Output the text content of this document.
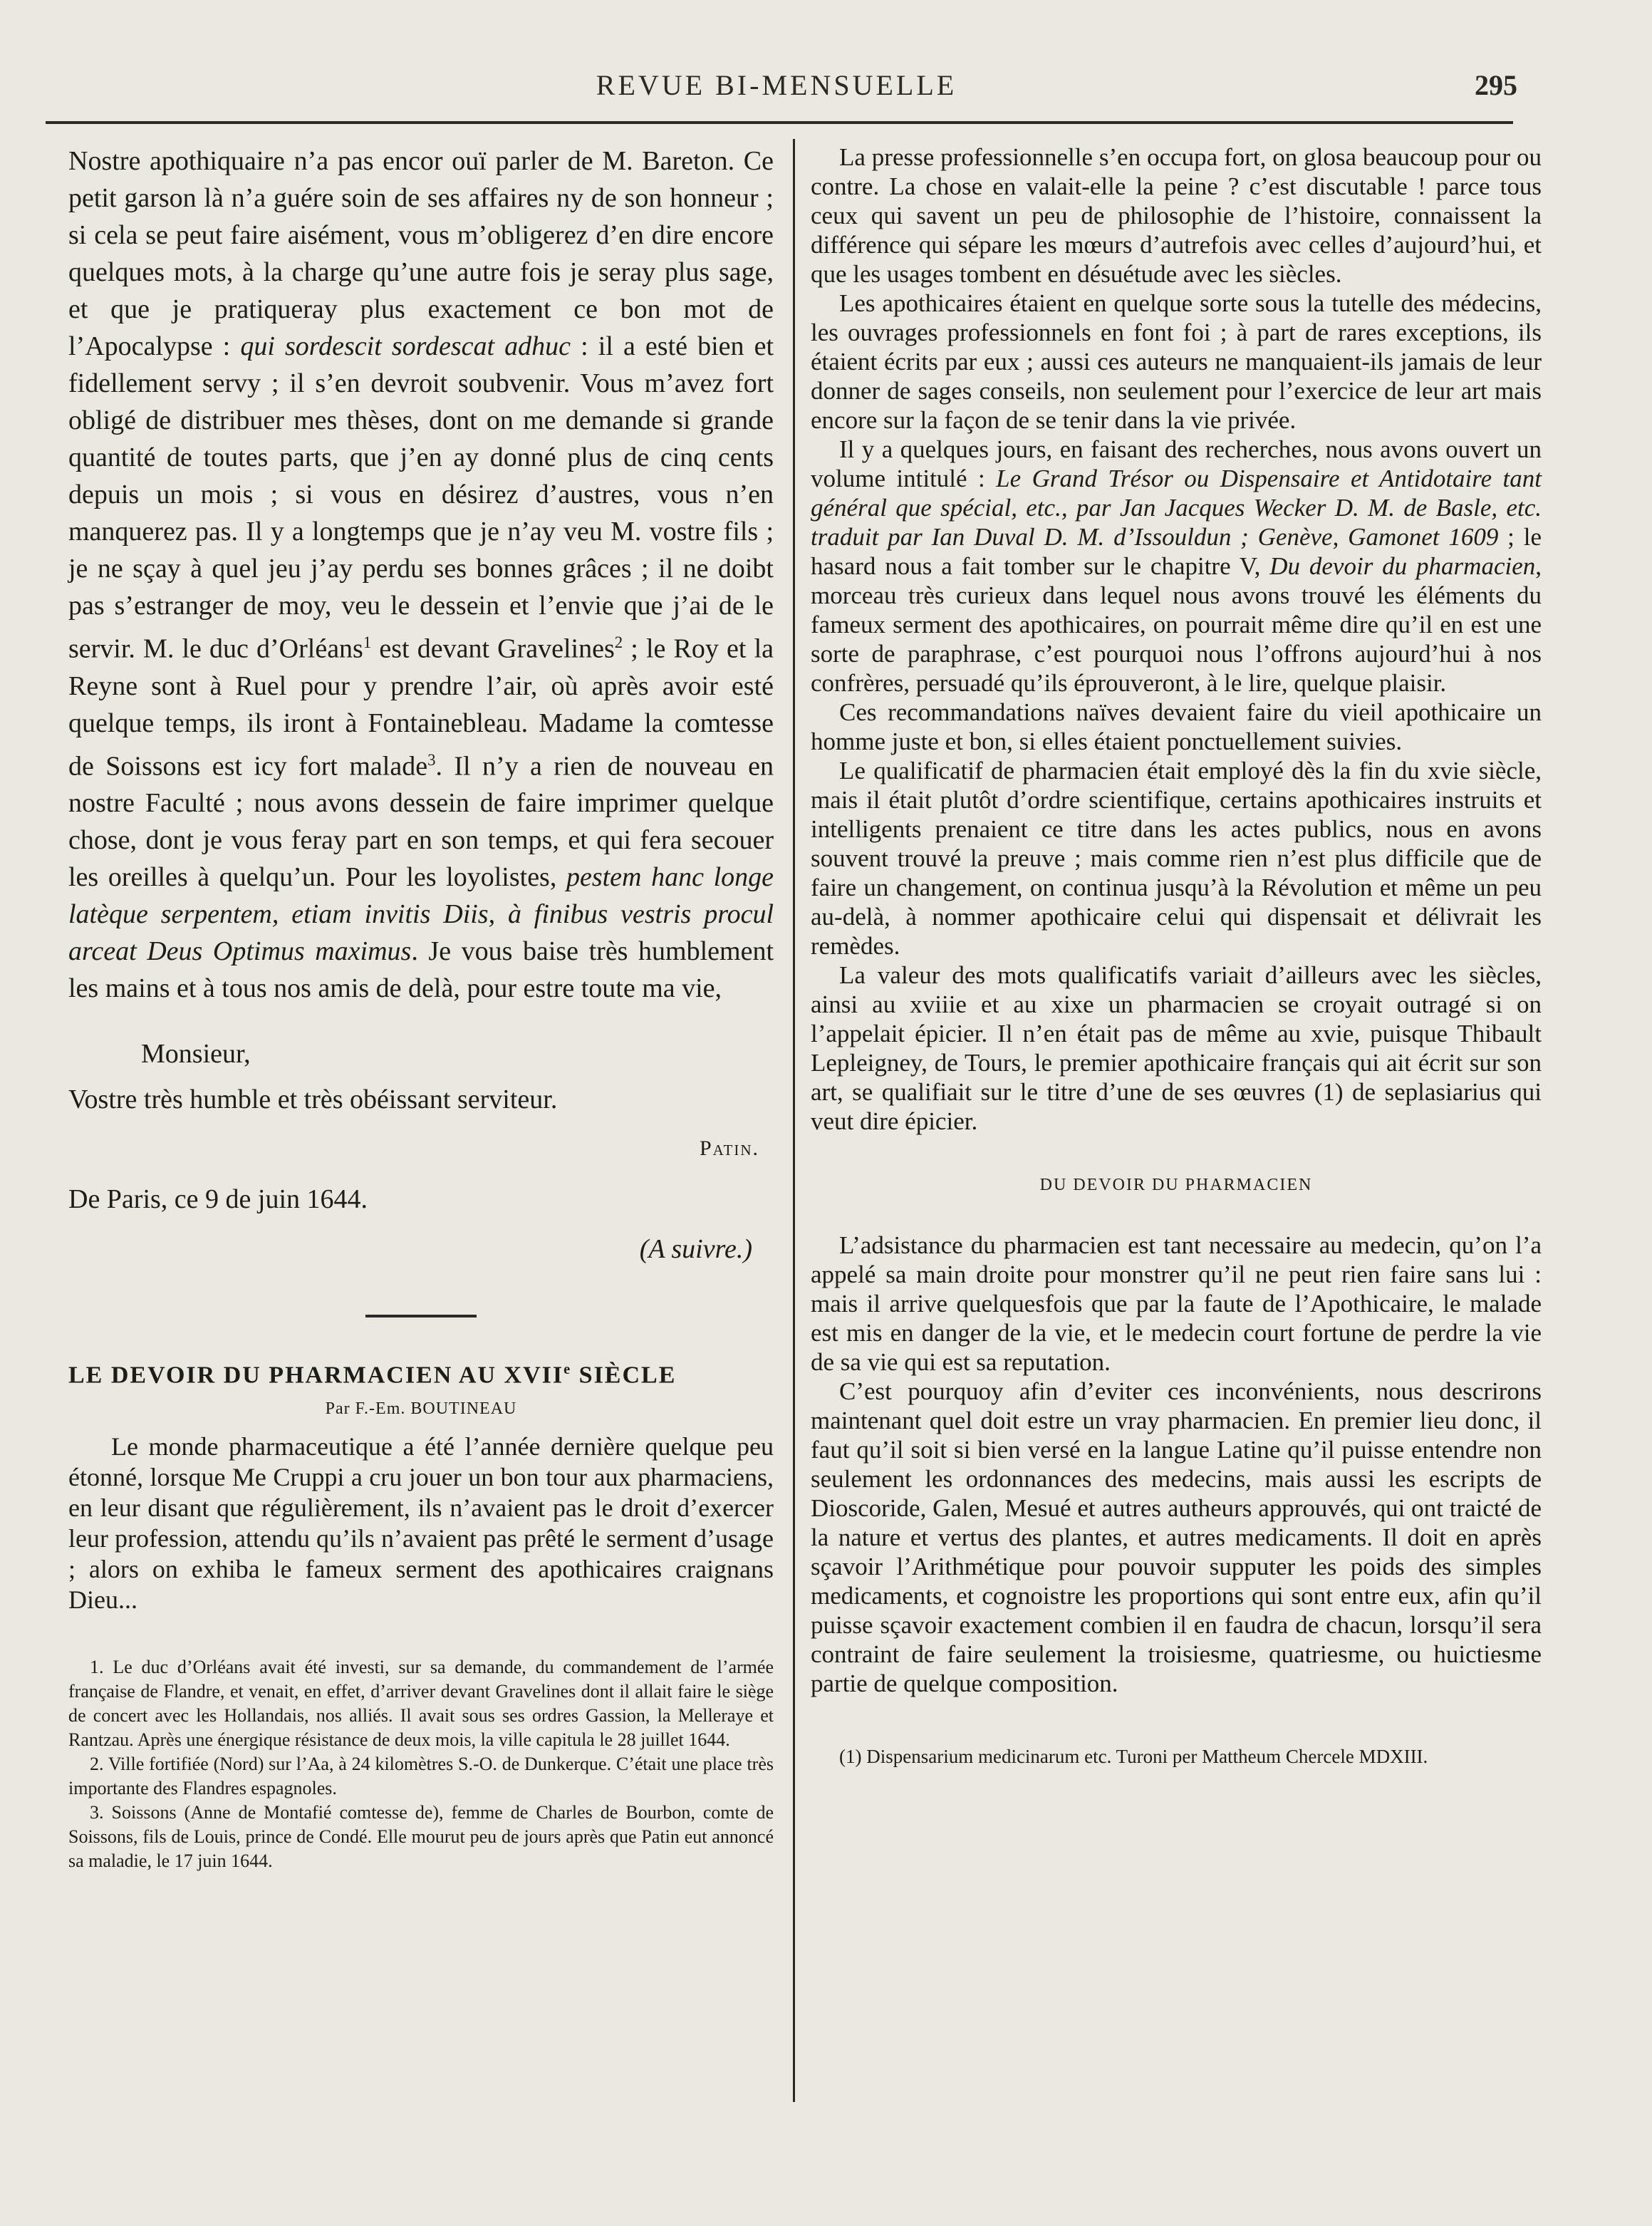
REVUE BI-MENSUELLE	295

Nostre apothiquaire n’a pas encor ouï parler de M. Bareton. Ce petit garson là n’a guére soin de ses affaires ny de son honneur ; si cela se peut faire aisément, vous m’obligerez d’en dire encore quelques mots, à la charge qu’une autre fois je seray plus sage, et que je pratiqueray plus exactement ce bon mot de l’Apocalypse : qui sordescit sordescat adhuc : il a esté bien et fidellement servy ; il s’en devroit soubvenir. Vous m’avez fort obligé de distribuer mes thèses, dont on me demande si grande quantité de toutes parts, que j’en ay donné plus de cinq cents depuis un mois ; si vous en désirez d’austres, vous n’en manquerez pas. Il y a longtemps que je n’ay veu M. vostre fils ; je ne sçay à quel jeu j’ay perdu ses bonnes grâces ; il ne doibt pas s’estranger de moy, veu le dessein et l’envie que j’ai de le servir. M. le duc d’Orléans$^1$ est devant Gravelines$^2$ ; le Roy et la Reyne sont à Ruel pour y prendre l’air, où après avoir esté quelque temps, ils iront à Fontainebleau. Madame la comtesse de Soissons est icy fort malade$^3$. Il n’y a rien de nouveau en nostre Faculté ; nous avons dessein de faire imprimer quelque chose, dont je vous feray part en son temps, et qui fera secouer les oreilles à quelqu’un. Pour les loyolistes, pestem hanc longe latèque serpentem, etiam invitis Diis, à finibus vestris procul arceat Deus Optimus maximus. Je vous baise très humblement les mains et à tous nos amis de delà, pour estre toute ma vie,

Monsieur,
Vostre très humble et très obéissant serviteur.
Patin.
De Paris, ce 9 de juin 1644.
(A suivre.)
LE DEVOIR DU PHARMACIEN AU XVIIe SIÈCLE
Par F.-Em. BOUTINEAU

Le monde pharmaceutique a été l’année dernière quelque peu étonné, lorsque Me Cruppi a cru jouer un bon tour aux pharmaciens, en leur disant que régulièrement, ils n’avaient pas le droit d’exercer leur profession, attendu qu’ils n’avaient pas prêté le serment d’usage ; alors on exhiba le fameux serment des apothicaires craignans Dieu...

1. Le duc d’Orléans avait été investi, sur sa demande, du commandement de l’armée française de Flandre, et venait, en effet, d’arriver devant Gravelines dont il allait faire le siège de concert avec les Hollandais, nos alliés. Il avait sous ses ordres Gassion, la Melleraye et Rantzau. Après une énergique résistance de deux mois, la ville capitula le 28 juillet 1644.

2. Ville fortifiée (Nord) sur l’Aa, à 24 kilomètres S.-O. de Dunkerque. C’était une place très importante des Flandres espagnoles.

3. Soissons (Anne de Montafié comtesse de), femme de Charles de Bourbon, comte de Soissons, fils de Louis, prince de Condé. Elle mourut peu de jours après que Patin eut annoncé sa maladie, le 17 juin 1644.

La presse professionnelle s’en occupa fort, on glosa beaucoup pour ou contre. La chose en valait-elle la peine ? c’est discutable ! parce tous ceux qui savent un peu de philosophie de l’histoire, connaissent la différence qui sépare les mœurs d’autrefois avec celles d’aujourd’hui, et que les usages tombent en désuétude avec les siècles.

Les apothicaires étaient en quelque sorte sous la tutelle des médecins, les ouvrages professionnels en font foi ; à part de rares exceptions, ils étaient écrits par eux ; aussi ces auteurs ne manquaient-ils jamais de leur donner de sages conseils, non seulement pour l’exercice de leur art mais encore sur la façon de se tenir dans la vie privée.

Il y a quelques jours, en faisant des recherches, nous avons ouvert un volume intitulé : Le Grand Trésor ou Dispensaire et Antidotaire tant général que spécial, etc., par Jan Jacques Wecker D. M. de Basle, etc. traduit par Ian Duval D. M. d’Issouldun ; Genève, Gamonet 1609 ; le hasard nous a fait tomber sur le chapitre V, Du devoir du pharmacien, morceau très curieux dans lequel nous avons trouvé les éléments du fameux serment des apothicaires, on pourrait même dire qu’il en est une sorte de paraphrase, c’est pourquoi nous l’offrons aujourd’hui à nos confrères, persuadé qu’ils éprouveront, à le lire, quelque plaisir.

Ces recommandations naïves devaient faire du vieil apothicaire un homme juste et bon, si elles étaient ponctuellement suivies.

Le qualificatif de pharmacien était employé dès la fin du xvie siècle, mais il était plutôt d’ordre scientifique, certains apothicaires instruits et intelligents prenaient ce titre dans les actes publics, nous en avons souvent trouvé la preuve ; mais comme rien n’est plus difficile que de faire un changement, on continua jusqu’à la Révolution et même un peu au-delà, à nommer apothicaire celui qui dispensait et délivrait les remèdes.

La valeur des mots qualificatifs variait d’ailleurs avec les siècles, ainsi au xviiie et au xixe un pharmacien se croyait outragé si on l’appelait épicier. Il n’en était pas de même au xvie, puisque Thibault Lepleigney, de Tours, le premier apothicaire français qui ait écrit sur son art, se qualifiait sur le titre d’une de ses œuvres (1) de seplasiarius qui veut dire épicier.

DU DEVOIR DU PHARMACIEN

L’adsistance du pharmacien est tant necessaire au medecin, qu’on l’a appelé sa main droite pour monstrer qu’il ne peut rien faire sans lui : mais il arrive quelquesfois que par la faute de l’Apothicaire, le malade est mis en danger de la vie, et le medecin court fortune de perdre la vie de sa vie qui est sa reputation.

C’est pourquoy afin d’eviter ces inconvénients, nous descrirons maintenant quel doit estre un vray pharmacien. En premier lieu donc, il faut qu’il soit si bien versé en la langue Latine qu’il puisse entendre non seulement les ordonnances des medecins, mais aussi les escripts de Dioscoride, Galen, Mesué et autres autheurs approuvés, qui ont traicté de la nature et vertus des plantes, et autres medicaments. Il doit en après sçavoir l’Arithmétique pour pouvoir supputer les poids des simples medicaments, et cognoistre les proportions qui sont entre eux, afin qu’il puisse sçavoir exactement combien il en faudra de chacun, lorsqu’il sera contraint de faire seulement la troisiesme, quatriesme, ou huictiesme partie de quelque composition.

(1) Dispensarium medicinarum etc. Turoni per Mattheum Chercele MDXIII.
